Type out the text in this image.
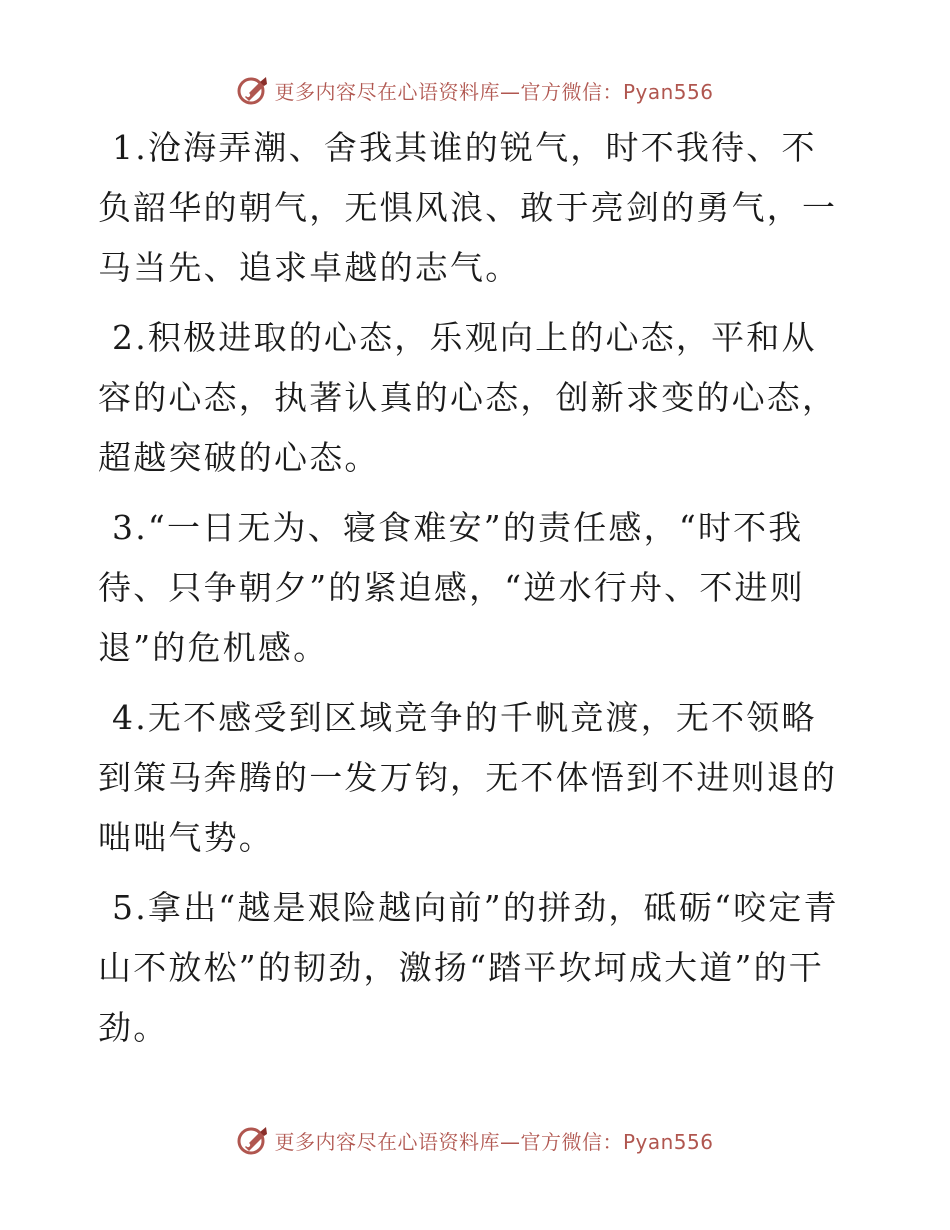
更多内容尽在心语资料库—官方微信：Pyan556

1.沧海弄潮、舍我其谁的锐气，时不我待、不负韶华的朝气，无惧风浪、敢于亮剑的勇气，一马当先、追求卓越的志气。

2.积极进取的心态，乐观向上的心态，平和从容的心态，执著认真的心态，创新求变的心态，超越突破的心态。

3.“一日无为、寝食难安”的责任感，“时不我待、只争朝夕”的紧迫感，“逆水行舟、不进则退”的危机感。

4.无不感受到区域竞争的千帆竞渡，无不领略到策马奔腾的一发万钧，无不体悟到不进则退的咄咄气势。

5.拿出“越是艰险越向前”的拼劲，砥砺“咬定青山不放松”的韧劲，激扬“踏平坎坷成大道”的干劲。

更多内容尽在心语资料库—官方微信：Pyan556
